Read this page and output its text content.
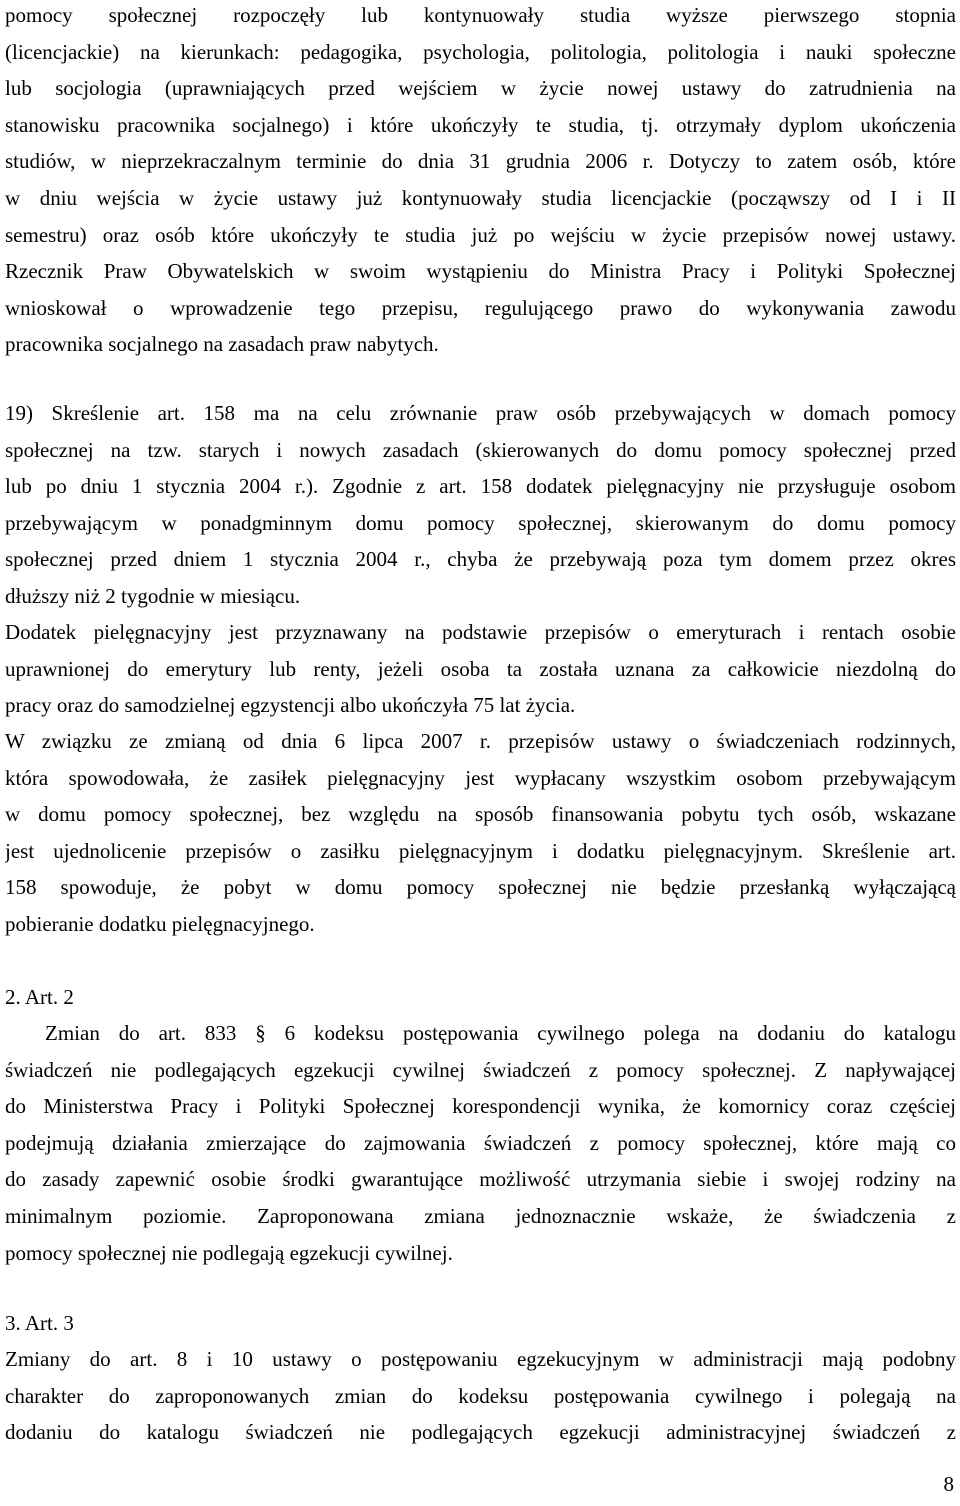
pomocy społecznej rozpoczęły lub kontynuowały studia wyższe pierwszego stopnia
(licencjackie) na kierunkach: pedagogika, psychologia, politologia, politologia i nauki społeczne
lub socjologia (uprawniających przed wejściem w życie nowej ustawy do zatrudnienia na
stanowisku pracownika socjalnego) i które ukończyły te studia, tj. otrzymały dyplom ukończenia
studiów, w nieprzekraczalnym terminie do dnia 31 grudnia 2006 r. Dotyczy to zatem osób, które
w dniu wejścia w życie ustawy już kontynuowały studia licencjackie (począwszy od I i II
semestru) oraz osób które ukończyły te studia już po wejściu w życie przepisów nowej ustawy.
Rzecznik Praw Obywatelskich w swoim wystąpieniu do Ministra Pracy i Polityki Społecznej
wnioskował o wprowadzenie tego przepisu, regulującego prawo do wykonywania zawodu
pracownika socjalnego na zasadach praw nabytych.
19) Skreślenie art. 158 ma na celu zrównanie praw osób przebywających w domach pomocy
społecznej na tzw. starych i nowych zasadach (skierowanych do domu pomocy społecznej przed
lub po dniu 1 stycznia 2004 r.). Zgodnie z art. 158 dodatek pielęgnacyjny nie przysługuje osobom
przebywającym w ponadgminnym domu pomocy społecznej, skierowanym do domu pomocy
społecznej przed dniem 1 stycznia 2004 r., chyba że przebywają poza tym domem przez okres
dłuższy niż 2 tygodnie w miesiącu.
Dodatek pielęgnacyjny jest przyznawany na podstawie przepisów o emeryturach i rentach osobie
uprawnionej do emerytury lub renty, jeżeli osoba ta została uznana za całkowicie niezdolną do
pracy oraz do samodzielnej egzystencji albo ukończyła 75 lat życia.
W związku ze zmianą od dnia 6 lipca 2007 r. przepisów ustawy o świadczeniach rodzinnych,
która spowodowała, że zasiłek pielęgnacyjny jest wypłacany wszystkim osobom przebywającym
w domu pomocy społecznej, bez względu na sposób finansowania pobytu tych osób, wskazane
jest ujednolicenie przepisów o zasiłku pielęgnacyjnym i dodatku pielęgnacyjnym. Skreślenie art.
158 spowoduje, że pobyt w domu pomocy społecznej nie będzie przesłanką wyłączającą
pobieranie dodatku pielęgnacyjnego.
2. Art. 2
Zmian do art. 833 § 6 kodeksu postępowania cywilnego polega na dodaniu do katalogu
świadczeń nie podlegających egzekucji cywilnej świadczeń z pomocy społecznej. Z napływającej
do Ministerstwa Pracy i Polityki Społecznej korespondencji wynika, że komornicy coraz częściej
podejmują działania zmierzające do zajmowania świadczeń z pomocy społecznej, które mają co
do zasady zapewnić osobie środki gwarantujące możliwość utrzymania siebie i swojej rodziny na
minimalnym poziomie. Zaproponowana zmiana jednoznacznie wskaże, że świadczenia z
pomocy społecznej nie podlegają egzekucji cywilnej.
3. Art. 3
Zmiany do art. 8 i 10 ustawy o postępowaniu egzekucyjnym w administracji mają podobny
charakter do zaproponowanych zmian do kodeksu postępowania cywilnego i polegają na
dodaniu do katalogu świadczeń nie podlegających egzekucji administracyjnej świadczeń z
8
